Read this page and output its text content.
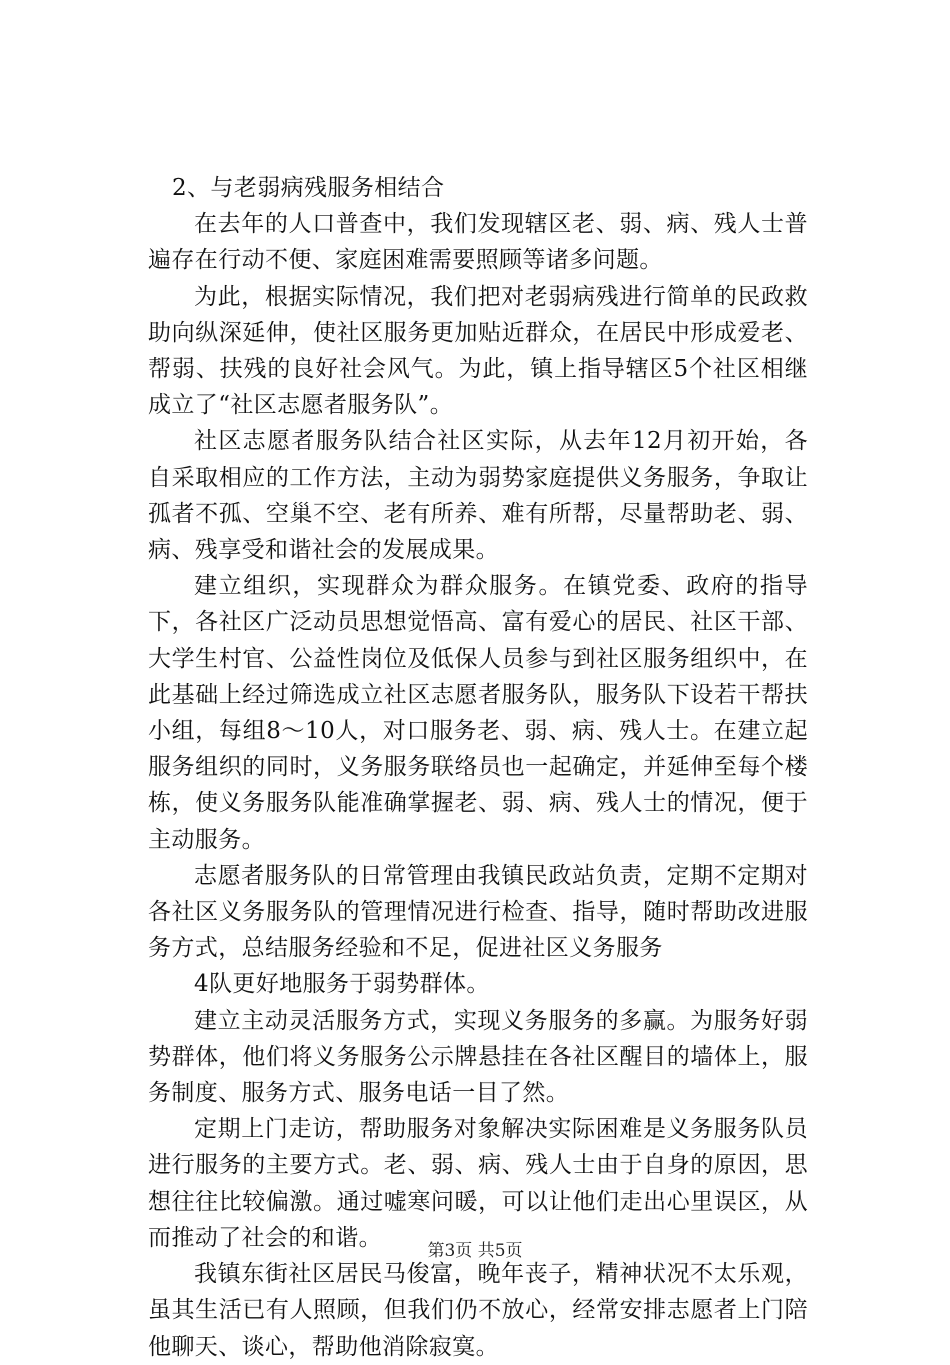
2、与老弱病残服务相结合

在去年的人口普查中，我们发现辖区老、弱、病、残人士普遍存在行动不便、家庭困难需要照顾等诸多问题。

为此，根据实际情况，我们把对老弱病残进行简单的民政救助向纵深延伸，使社区服务更加贴近群众，在居民中形成爱老、帮弱、扶残的良好社会风气。为此，镇上指导辖区5个社区相继成立了“社区志愿者服务队”。

社区志愿者服务队结合社区实际，从去年12月初开始，各自采取相应的工作方法，主动为弱势家庭提供义务服务，争取让孤者不孤、空巢不空、老有所养、难有所帮，尽量帮助老、弱、病、残享受和谐社会的发展成果。

建立组织，实现群众为群众服务。在镇党委、政府的指导下，各社区广泛动员思想觉悟高、富有爱心的居民、社区干部、大学生村官、公益性岗位及低保人员参与到社区服务组织中，在此基础上经过筛选成立社区志愿者服务队，服务队下设若干帮扶小组，每组8～10人，对口服务老、弱、病、残人士。在建立起服务组织的同时，义务服务联络员也一起确定，并延伸至每个楼栋，使义务服务队能准确掌握老、弱、病、残人士的情况，便于主动服务。

志愿者服务队的日常管理由我镇民政站负责，定期不定期对各社区义务服务队的管理情况进行检查、指导，随时帮助改进服务方式，总结服务经验和不足，促进社区义务服务

4队更好地服务于弱势群体。

建立主动灵活服务方式，实现义务服务的多赢。为服务好弱势群体，他们将义务服务公示牌悬挂在各社区醒目的墙体上，服务制度、服务方式、服务电话一目了然。

定期上门走访，帮助服务对象解决实际困难是义务服务队员进行服务的主要方式。老、弱、病、残人士由于自身的原因，思想往往比较偏激。通过嘘寒问暖，可以让他们走出心里误区，从而推动了社会的和谐。

我镇东街社区居民马俊富，晚年丧子，精神状况不太乐观，虽其生活已有人照顾，但我们仍不放心，经常安排志愿者上门陪他聊天、谈心，帮助他消除寂寞。

第3页 共5页
